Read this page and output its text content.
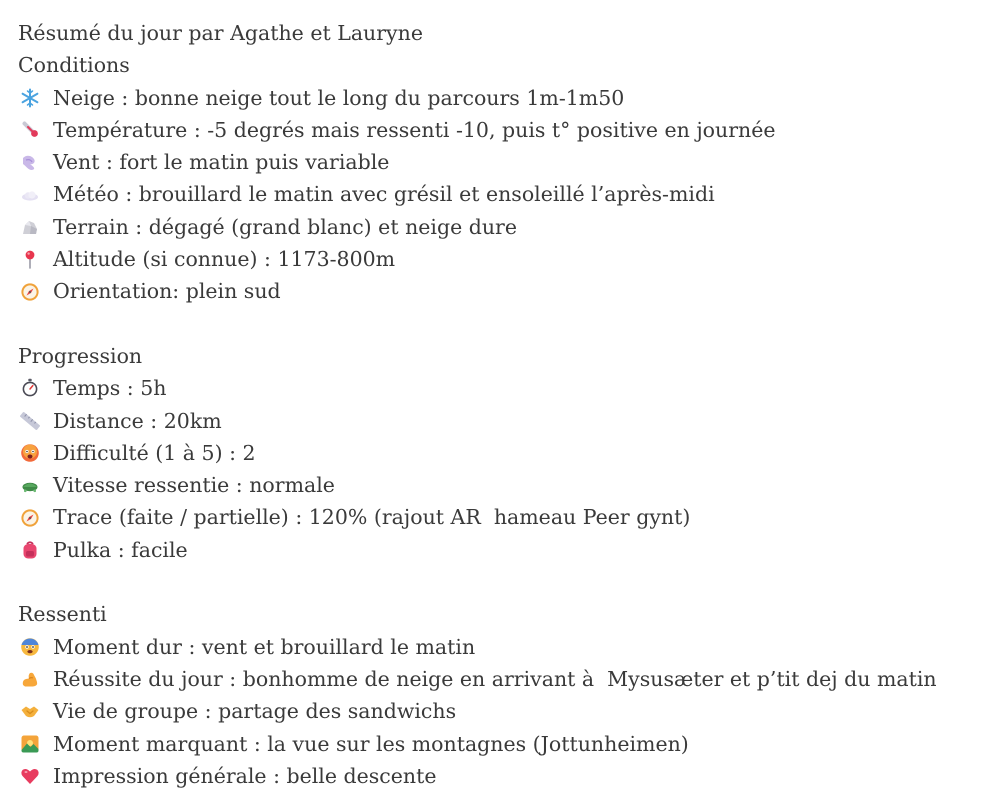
Résumé du jour par Agathe et Lauryne
Conditions
Neige : bonne neige tout le long du parcours 1m-1m50
Température : -5 degrés mais ressenti -10, puis t° positive en journée
Vent : fort le matin puis variable
Météo : brouillard le matin avec grésil et ensoleillé l’après-midi
Terrain : dégagé (grand blanc) et neige dure
Altitude (si connue) : 1173-800m
Orientation: plein sud
Progression
Temps : 5h
Distance : 20km
Difficulté (1 à 5) : 2
Vitesse ressentie : normale
Trace (faite / partielle) : 120% (rajout AR  hameau Peer gynt)
Pulka : facile
Ressenti
Moment dur : vent et brouillard le matin
Réussite du jour : bonhomme de neige en arrivant à  Mysusæter et p’tit dej du matin
Vie de groupe : partage des sandwichs
Moment marquant : la vue sur les montagnes (Jottunheimen)
Impression générale : belle descente
